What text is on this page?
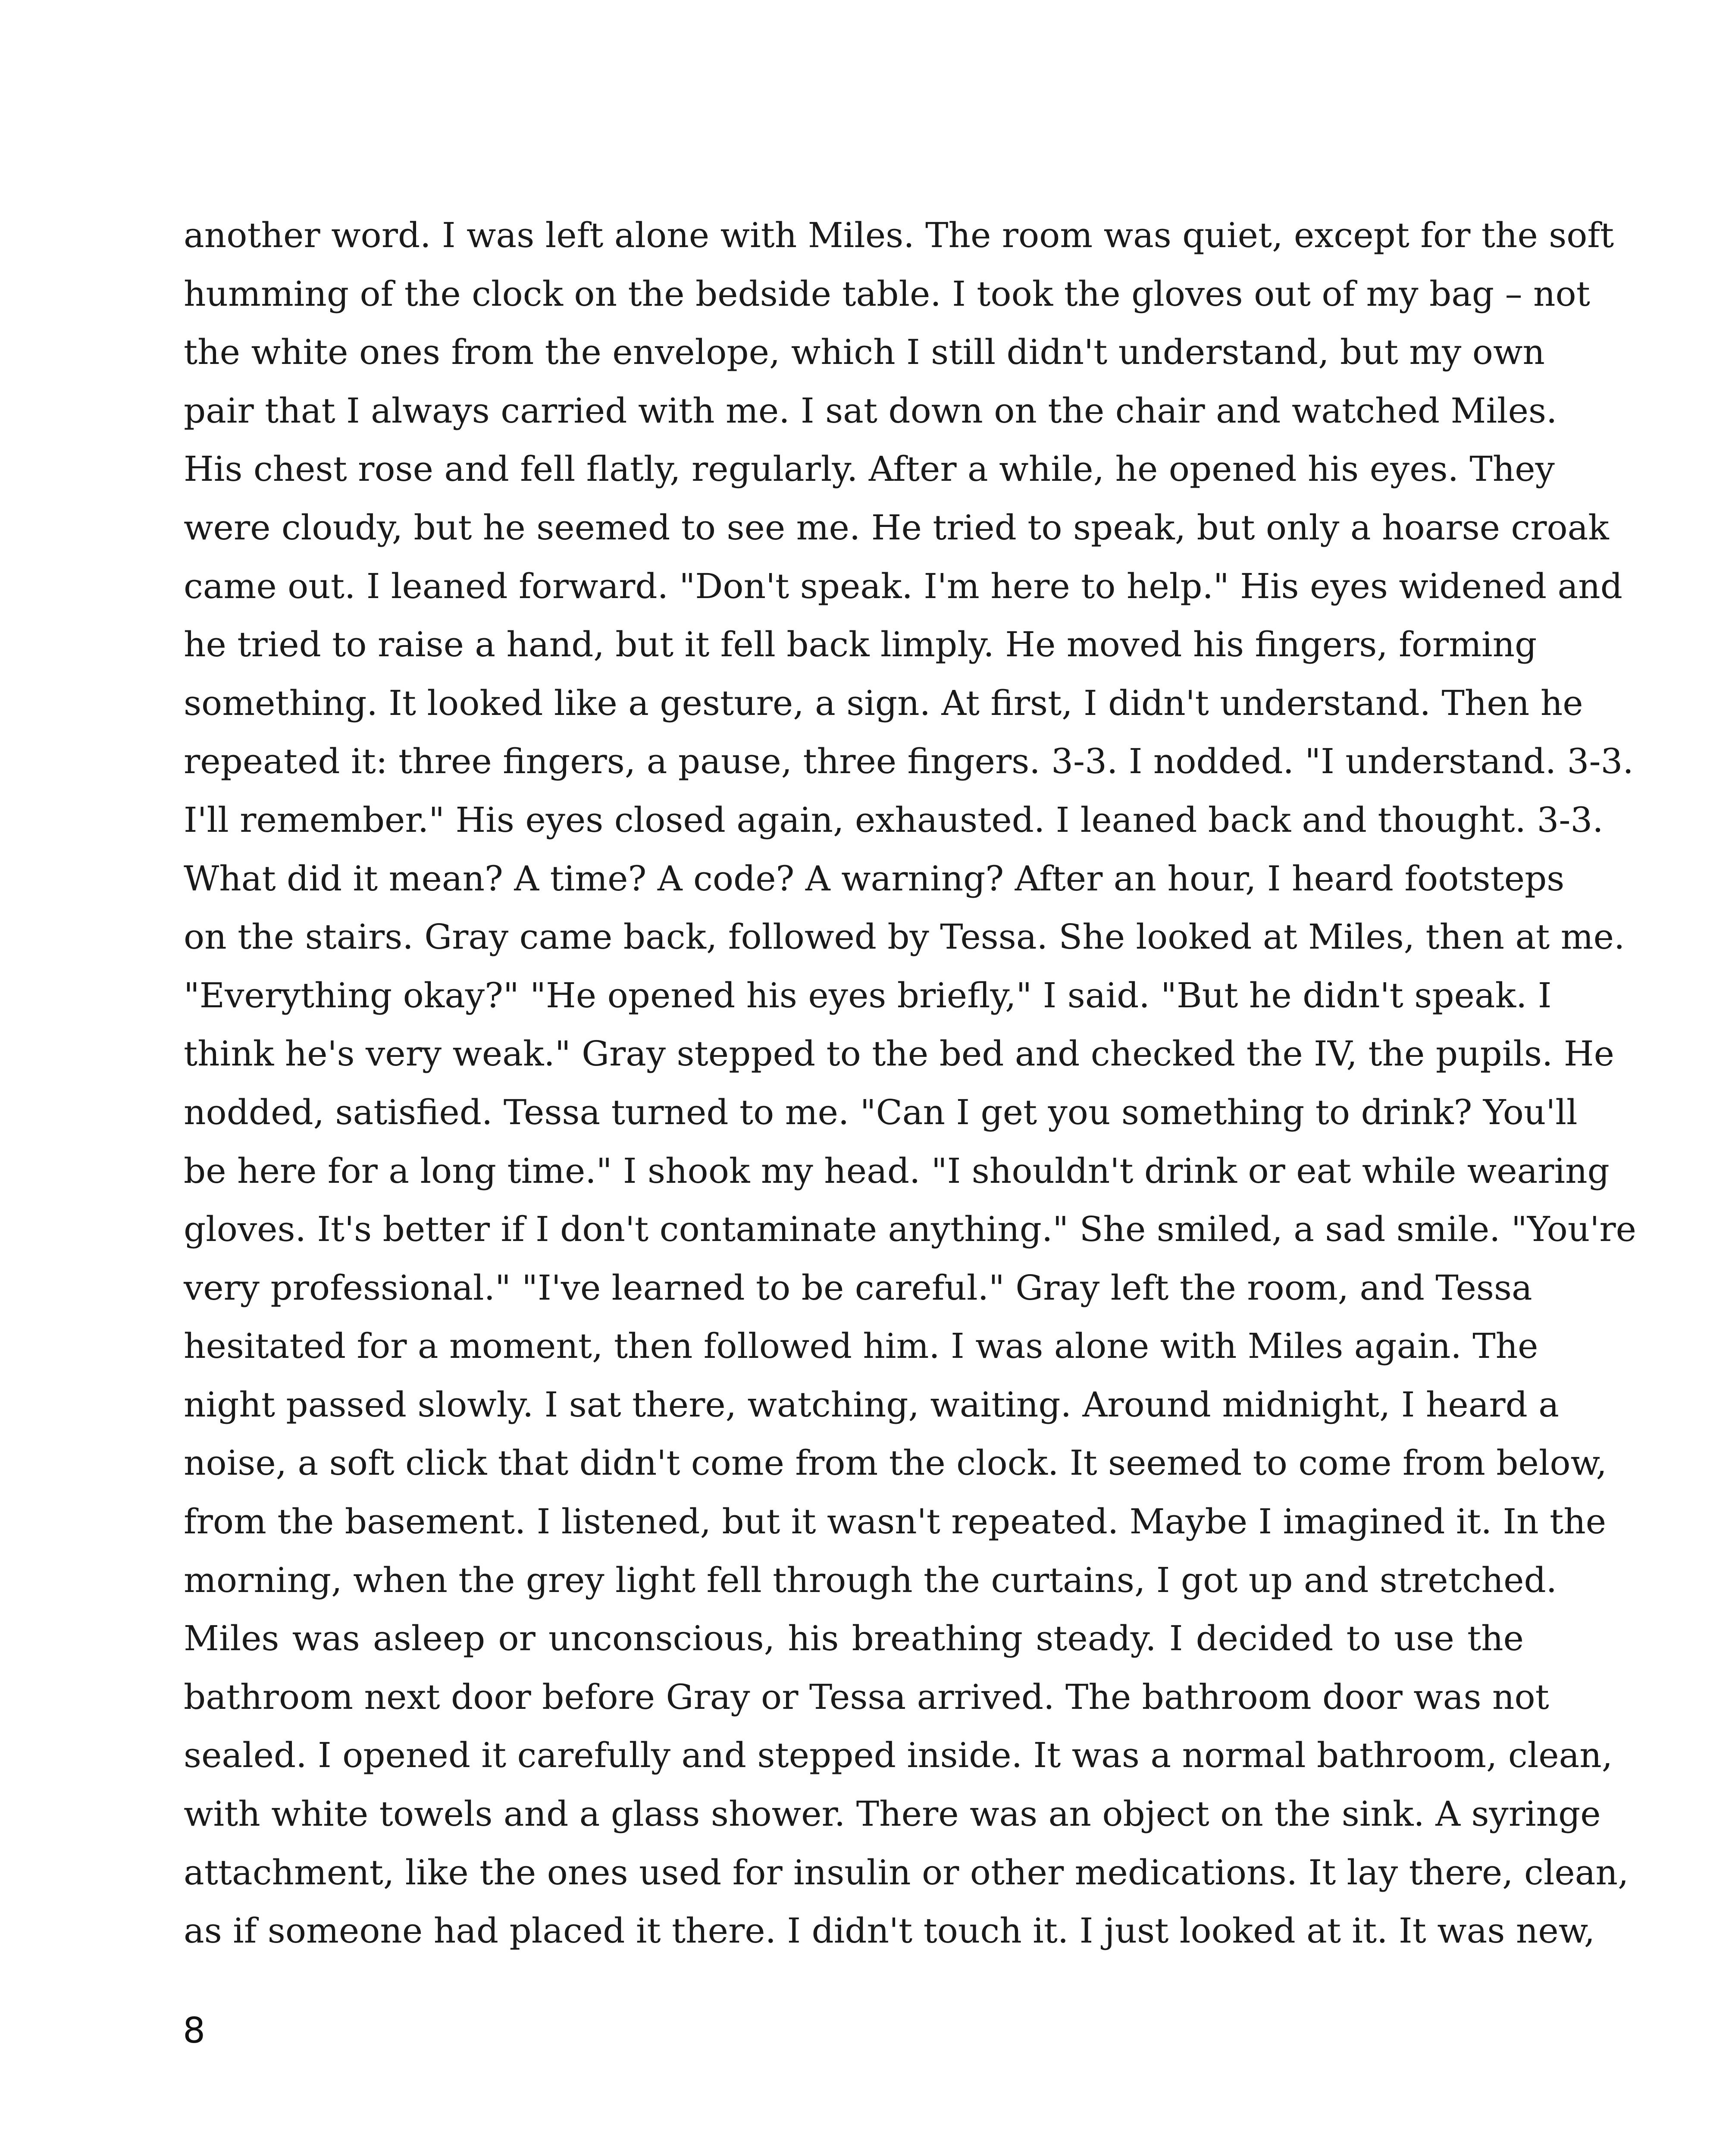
another word. I was left alone with Miles. The room was quiet, except for the soft
humming of the clock on the bedside table. I took the gloves out of my bag – not
the white ones from the envelope, which I still didn't understand, but my own
pair that I always carried with me. I sat down on the chair and watched Miles.
His chest rose and fell flatly, regularly. After a while, he opened his eyes. They
were cloudy, but he seemed to see me. He tried to speak, but only a hoarse croak
came out. I leaned forward. "Don't speak. I'm here to help." His eyes widened and
he tried to raise a hand, but it fell back limply. He moved his fingers, forming
something. It looked like a gesture, a sign. At first, I didn't understand. Then he
repeated it: three fingers, a pause, three fingers. 3-3. I nodded. "I understand. 3-3.
I'll remember." His eyes closed again, exhausted. I leaned back and thought. 3-3.
What did it mean? A time? A code? A warning? After an hour, I heard footsteps
on the stairs. Gray came back, followed by Tessa. She looked at Miles, then at me.
"Everything okay?" "He opened his eyes briefly," I said. "But he didn't speak. I
think he's very weak." Gray stepped to the bed and checked the IV, the pupils. He
nodded, satisfied. Tessa turned to me. "Can I get you something to drink? You'll
be here for a long time." I shook my head. "I shouldn't drink or eat while wearing
gloves. It's better if I don't contaminate anything." She smiled, a sad smile. "You're
very professional." "I've learned to be careful." Gray left the room, and Tessa
hesitated for a moment, then followed him. I was alone with Miles again. The
night passed slowly. I sat there, watching, waiting. Around midnight, I heard a
noise, a soft click that didn't come from the clock. It seemed to come from below,
from the basement. I listened, but it wasn't repeated. Maybe I imagined it. In the
morning, when the grey light fell through the curtains, I got up and stretched.
Miles was asleep or unconscious, his breathing steady. I decided to use the
bathroom next door before Gray or Tessa arrived. The bathroom door was not
sealed. I opened it carefully and stepped inside. It was a normal bathroom, clean,
with white towels and a glass shower. There was an object on the sink. A syringe
attachment, like the ones used for insulin or other medications. It lay there, clean,
as if someone had placed it there. I didn't touch it. I just looked at it. It was new,
8
